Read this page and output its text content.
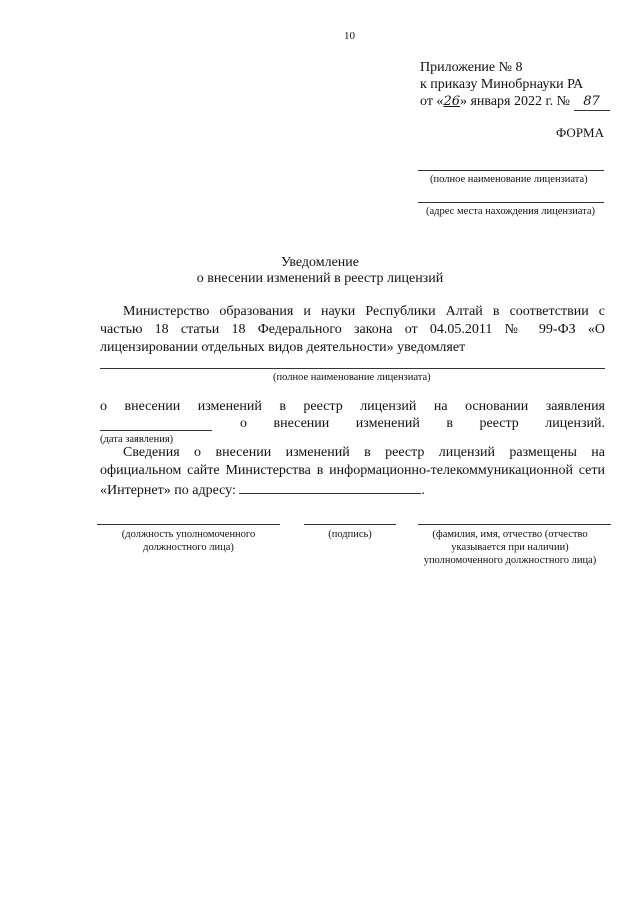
10
Приложение № 8
к приказу Минобрнауки РА
от «26» января 2022 г. № 87
ФОРМА
(полное наименование лицензиата)
(адрес места нахождения лицензиата)
Уведомление
о внесении изменений в реестр лицензий
Министерство образования и науки Республики Алтай в соответствии с
частью 18 статьи 18 Федерального закона от 04.05.2011 № 99-ФЗ «О
лицензировании отдельных видов деятельности» уведомляет
(полное наименование лицензиата)
о внесении изменений в реестр лицензий на основании заявления
о внесении изменений в реестр лицензий.
(дата заявления)
Сведения о внесении изменений в реестр лицензий размещены на
официальном сайте Министерства в информационно-телекоммуникационной сети
«Интернет» по адресу:	.
(должность уполномоченного
должностного лица)
(подпись)	(фамилия, имя, отчество (отчество
указывается при наличии)
уполномоченного должностного лица)
